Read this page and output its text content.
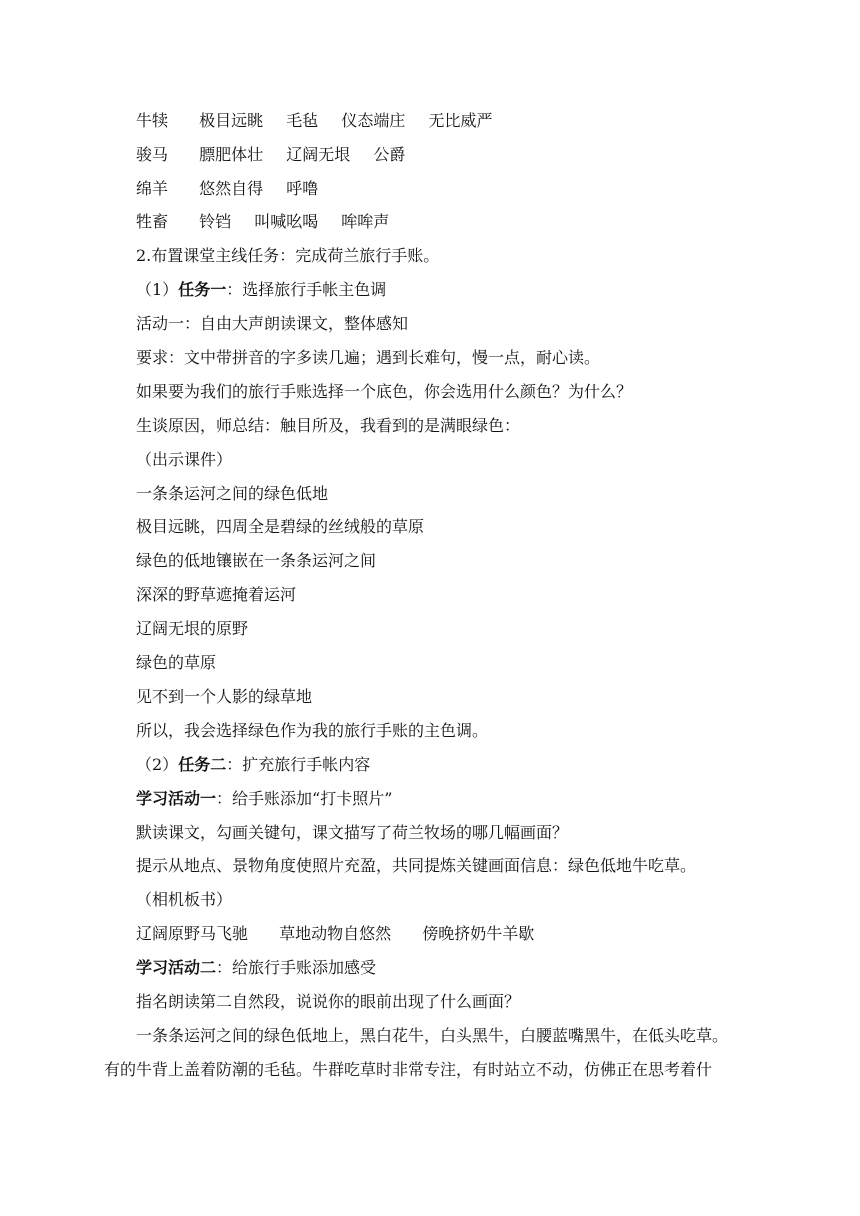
牛犊 极目远眺 毛毡 仪态端庄 无比威严
骏马 膘肥体壮 辽阔无垠 公爵
绵羊 悠然自得 呼噜
牲畜 铃铛 叫喊吆喝 哞哞声
2.布置课堂主线任务：完成荷兰旅行手账。
（1）任务一：选择旅行手帐主色调
活动一：自由大声朗读课文，整体感知
要求：文中带拼音的字多读几遍；遇到长难句，慢一点，耐心读。
如果要为我们的旅行手账选择一个底色，你会选用什么颜色？为什么？
生谈原因，师总结：触目所及，我看到的是满眼绿色：
（出示课件）
一条条运河之间的绿色低地
极目远眺，四周全是碧绿的丝绒般的草原
绿色的低地镶嵌在一条条运河之间
深深的野草遮掩着运河
辽阔无垠的原野
绿色的草原
见不到一个人影的绿草地
所以，我会选择绿色作为我的旅行手账的主色调。
（2）任务二：扩充旅行手帐内容
学习活动一：给手账添加“打卡照片”
默读课文，勾画关键句，课文描写了荷兰牧场的哪几幅画面？
提示从地点、景物角度使照片充盈，共同提炼关键画面信息：绿色低地牛吃草。
（相机板书）
辽阔原野马飞驰 草地动物自悠然 傍晚挤奶牛羊歇
学习活动二：给旅行手账添加感受
指名朗读第二自然段，说说你的眼前出现了什么画面？
一条条运河之间的绿色低地上，黑白花牛，白头黑牛，白腰蓝嘴黑牛，在低头吃草。
有的牛背上盖着防潮的毛毡。牛群吃草时非常专注，有时站立不动，仿佛正在思考着什
